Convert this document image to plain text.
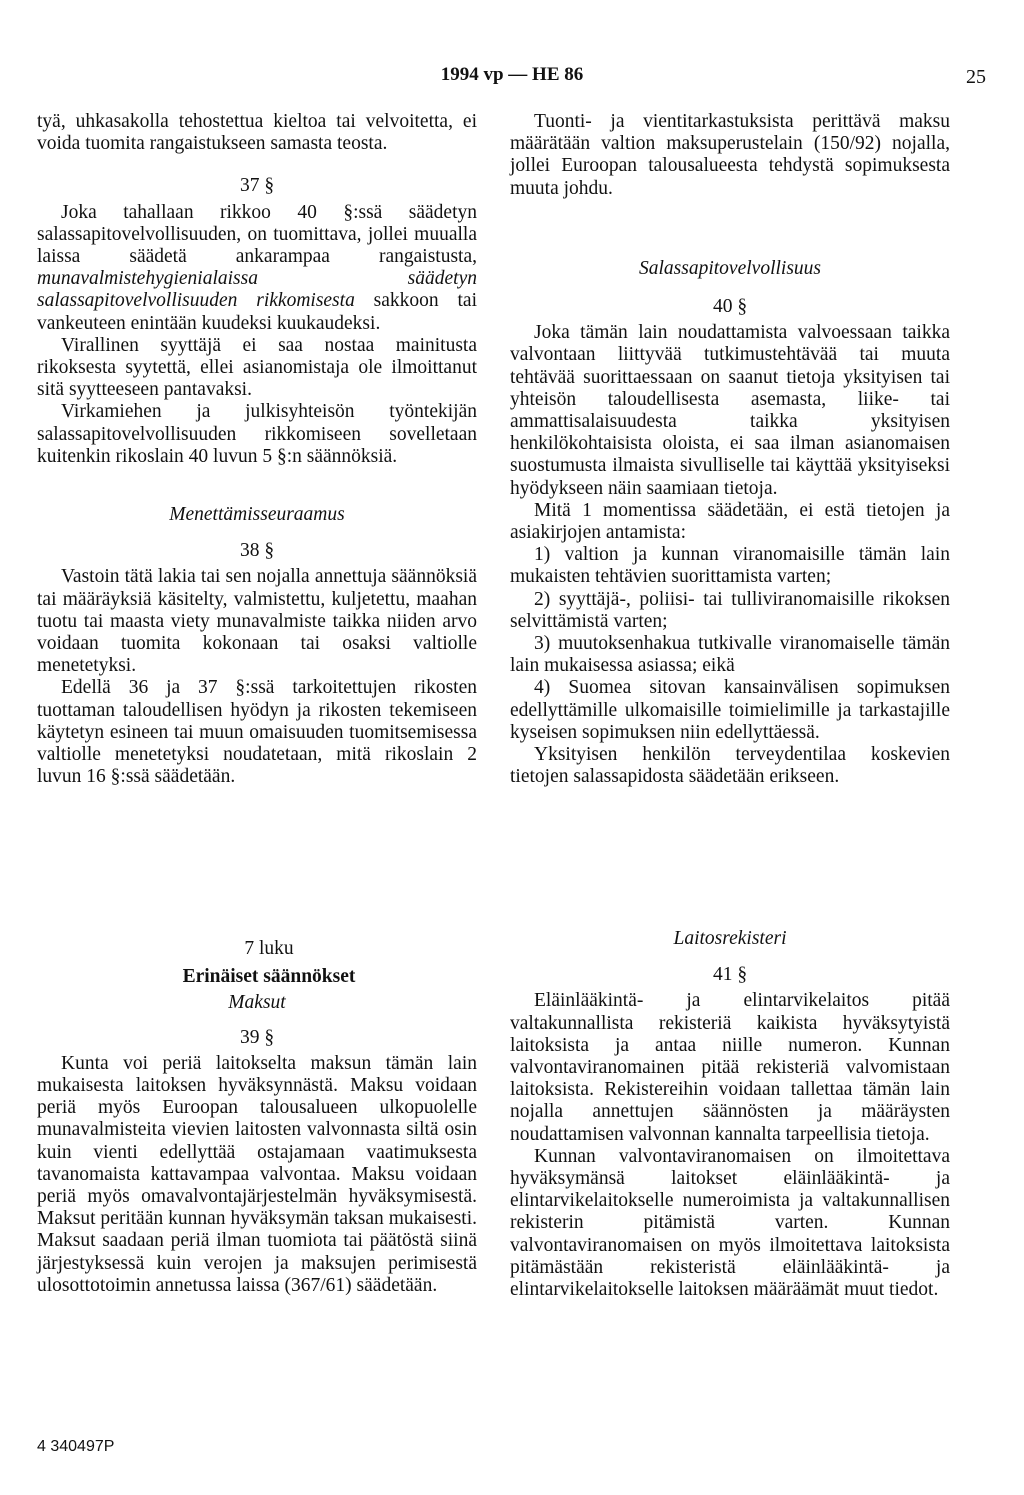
1994 vp — HE 86	25

tyä, uhkasakolla tehostettua kieltoa tai velvoitetta, ei voida tuomita rangaistukseen samasta teosta.

37 §

Joka tahallaan rikkoo 40 §:ssä säädetyn salassapitovelvollisuuden, on tuomittava, jollei muualla laissa säädetä ankarampaa rangaistusta, munavalmistehygienialaissa säädetyn salassapitovelvollisuuden rikkomisesta sakkoon tai vankeuteen enintään kuudeksi kuukaudeksi.

Virallinen syyttäjä ei saa nostaa mainitusta rikoksesta syytettä, ellei asianomistaja ole ilmoittanut sitä syytteeseen pantavaksi.

Virkamiehen ja julkisyhteisön työntekijän salassapitovelvollisuuden rikkomiseen sovelletaan kuitenkin rikoslain 40 luvun 5 §:n säännöksiä.

Menettämisseuraamus

38 §

Vastoin tätä lakia tai sen nojalla annettuja säännöksiä tai määräyksiä käsitelty, valmistettu, kuljetettu, maahan tuotu tai maasta viety munavalmiste taikka niiden arvo voidaan tuomita kokonaan tai osaksi valtiolle menetetyksi.

Edellä 36 ja 37 §:ssä tarkoitettujen rikosten tuottaman taloudellisen hyödyn ja rikosten tekemiseen käytetyn esineen tai muun omaisuuden tuomitsemisessa valtiolle menetetyksi noudatetaan, mitä rikoslain 2 luvun 16 §:ssä säädetään.

Tuonti- ja vientitarkastuksista perittävä maksu määrätään valtion maksuperustelain (150/92) nojalla, jollei Euroopan talousalueesta tehdystä sopimuksesta muuta johdu.

Salassapitovelvollisuus

40 §

Joka tämän lain noudattamista valvoessaan taikka valvontaan liittyvää tutkimustehtävää tai muuta tehtävää suorittaessaan on saanut tietoja yksityisen tai yhteisön taloudellisesta asemasta, liike- tai ammattisalaisuudesta taikka yksityisen henkilökohtaisista oloista, ei saa ilman asianomaisen suostumusta ilmaista sivulliselle tai käyttää yksityiseksi hyödykseen näin saamiaan tietoja.

Mitä 1 momentissa säädetään, ei estä tietojen ja asiakirjojen antamista:

1) valtion ja kunnan viranomaisille tämän lain mukaisten tehtävien suorittamista varten;

2) syyttäjä-, poliisi- tai tulliviranomaisille rikoksen selvittämistä varten;

3) muutoksenhakua tutkivalle viranomaiselle tämän lain mukaisessa asiassa; eikä

4) Suomea sitovan kansainvälisen sopimuksen edellyttämille ulkomaisille toimielimille ja tarkastajille kyseisen sopimuksen niin edellyttäessä.

Yksityisen henkilön terveydentilaa koskevien tietojen salassapidosta säädetään erikseen.

7 luku

Erinäiset säännökset

Maksut

39 §

Kunta voi periä laitokselta maksun tämän lain mukaisesta laitoksen hyväksynnästä. Maksu voidaan periä myös Euroopan talousalueen ulkopuolelle munavalmisteita vievien laitosten valvonnasta siltä osin kuin vienti edellyttää ostajamaan vaatimuksesta tavanomaista kattavampaa valvontaa. Maksu voidaan periä myös omavalvontajärjestelmän hyväksymisestä. Maksut peritään kunnan hyväksymän taksan mukaisesti. Maksut saadaan periä ilman tuomiota tai päätöstä siinä järjestyksessä kuin verojen ja maksujen perimisestä ulosottotoimin annetussa laissa (367/61) säädetään.

Laitosrekisteri

41 §

Eläinlääkintä- ja elintarvikelaitos pitää valtakunnallista rekisteriä kaikista hyväksytyistä laitoksista ja antaa niille numeron. Kunnan valvontaviranomainen pitää rekisteriä valvomistaan laitoksista. Rekistereihin voidaan tallettaa tämän lain nojalla annettujen säännösten ja määräysten noudattamisen valvonnan kannalta tarpeellisia tietoja.

Kunnan valvontaviranomaisen on ilmoitettava hyväksymänsä laitokset eläinlääkintä- ja elintarvikelaitokselle numeroimista ja valtakunnallisen rekisterin pitämistä varten. Kunnan valvontaviranomaisen on myös ilmoitettava laitoksista pitämästään rekisteristä eläinlääkintä- ja elintarvikelaitokselle laitoksen määräämät muut tiedot.

4 340497P
